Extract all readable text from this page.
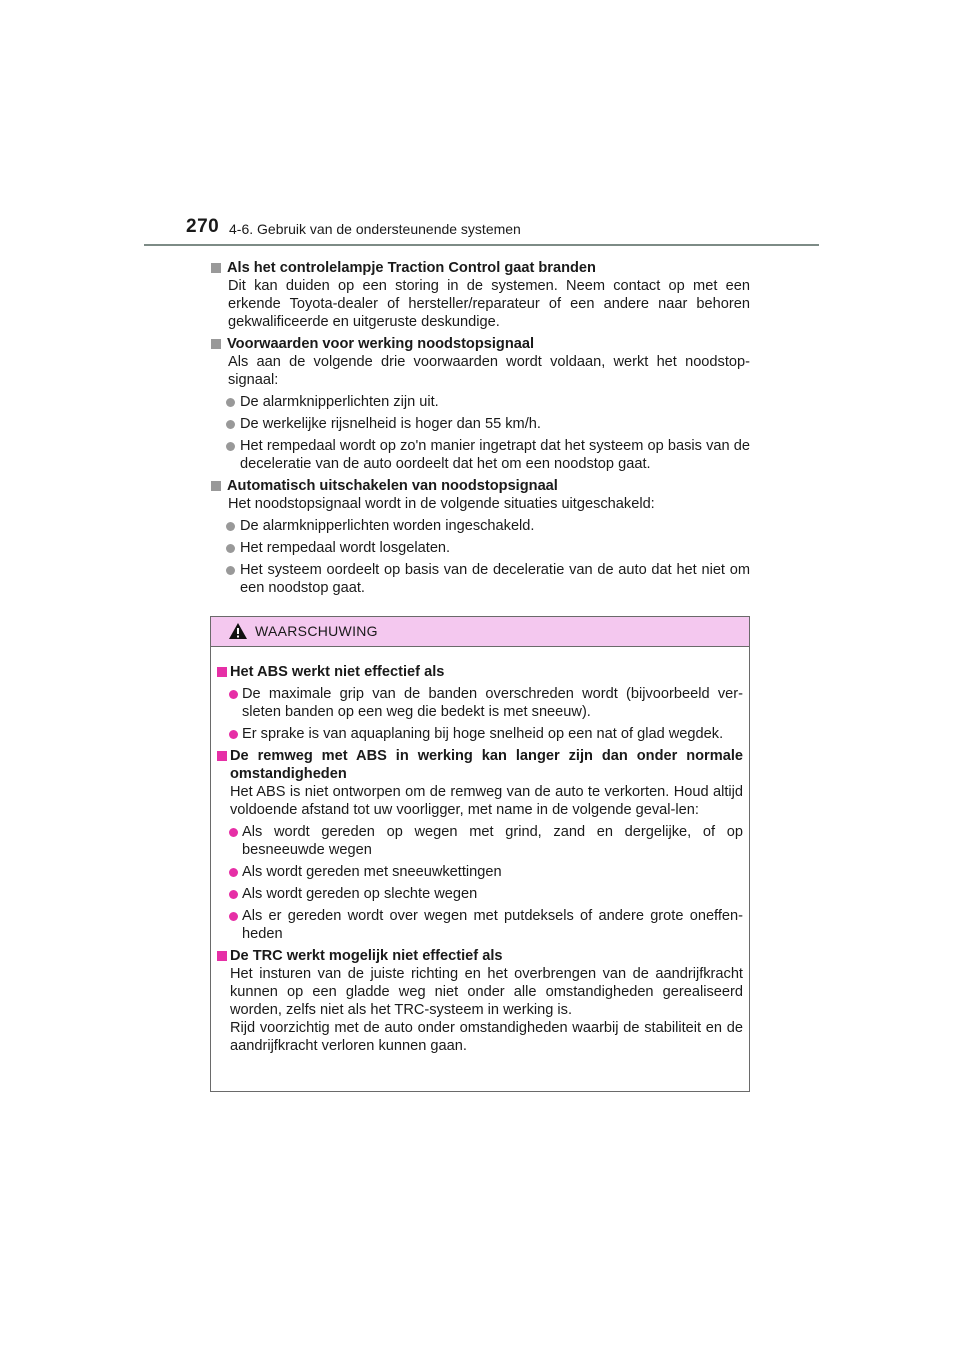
270 4-6. Gebruik van de ondersteunende systemen
Als het controlelampje Traction Control gaat branden
Dit kan duiden op een storing in de systemen. Neem contact op met een erkende Toyota-dealer of hersteller/reparateur of een andere naar behoren gekwalificeerde en uitgeruste deskundige.
Voorwaarden voor werking noodstopsignaal
Als aan de volgende drie voorwaarden wordt voldaan, werkt het noodstop-signaal:
De alarmknipperlichten zijn uit.
De werkelijke rijsnelheid is hoger dan 55 km/h.
Het rempedaal wordt op zo'n manier ingetrapt dat het systeem op basis van de deceleratie van de auto oordeelt dat het om een noodstop gaat.
Automatisch uitschakelen van noodstopsignaal
Het noodstopsignaal wordt in de volgende situaties uitgeschakeld:
De alarmknipperlichten worden ingeschakeld.
Het rempedaal wordt losgelaten.
Het systeem oordeelt op basis van de deceleratie van de auto dat het niet om een noodstop gaat.
WAARSCHUWING
Het ABS werkt niet effectief als
De maximale grip van de banden overschreden wordt (bijvoorbeeld ver-sleten banden op een weg die bedekt is met sneeuw).
Er sprake is van aquaplaning bij hoge snelheid op een nat of glad wegdek.
De remweg met ABS in werking kan langer zijn dan onder normale omstandigheden
Het ABS is niet ontworpen om de remweg van de auto te verkorten. Houd altijd voldoende afstand tot uw voorligger, met name in de volgende geval-len:
Als wordt gereden op wegen met grind, zand en dergelijke, of op besneeuwde wegen
Als wordt gereden met sneeuwkettingen
Als wordt gereden op slechte wegen
Als er gereden wordt over wegen met putdeksels of andere grote oneffen-heden
De TRC werkt mogelijk niet effectief als
Het insturen van de juiste richting en het overbrengen van de aandrijfkracht kunnen op een gladde weg niet onder alle omstandigheden gerealiseerd worden, zelfs niet als het TRC-systeem in werking is.
Rijd voorzichtig met de auto onder omstandigheden waarbij de stabiliteit en de aandrijfkracht verloren kunnen gaan.
